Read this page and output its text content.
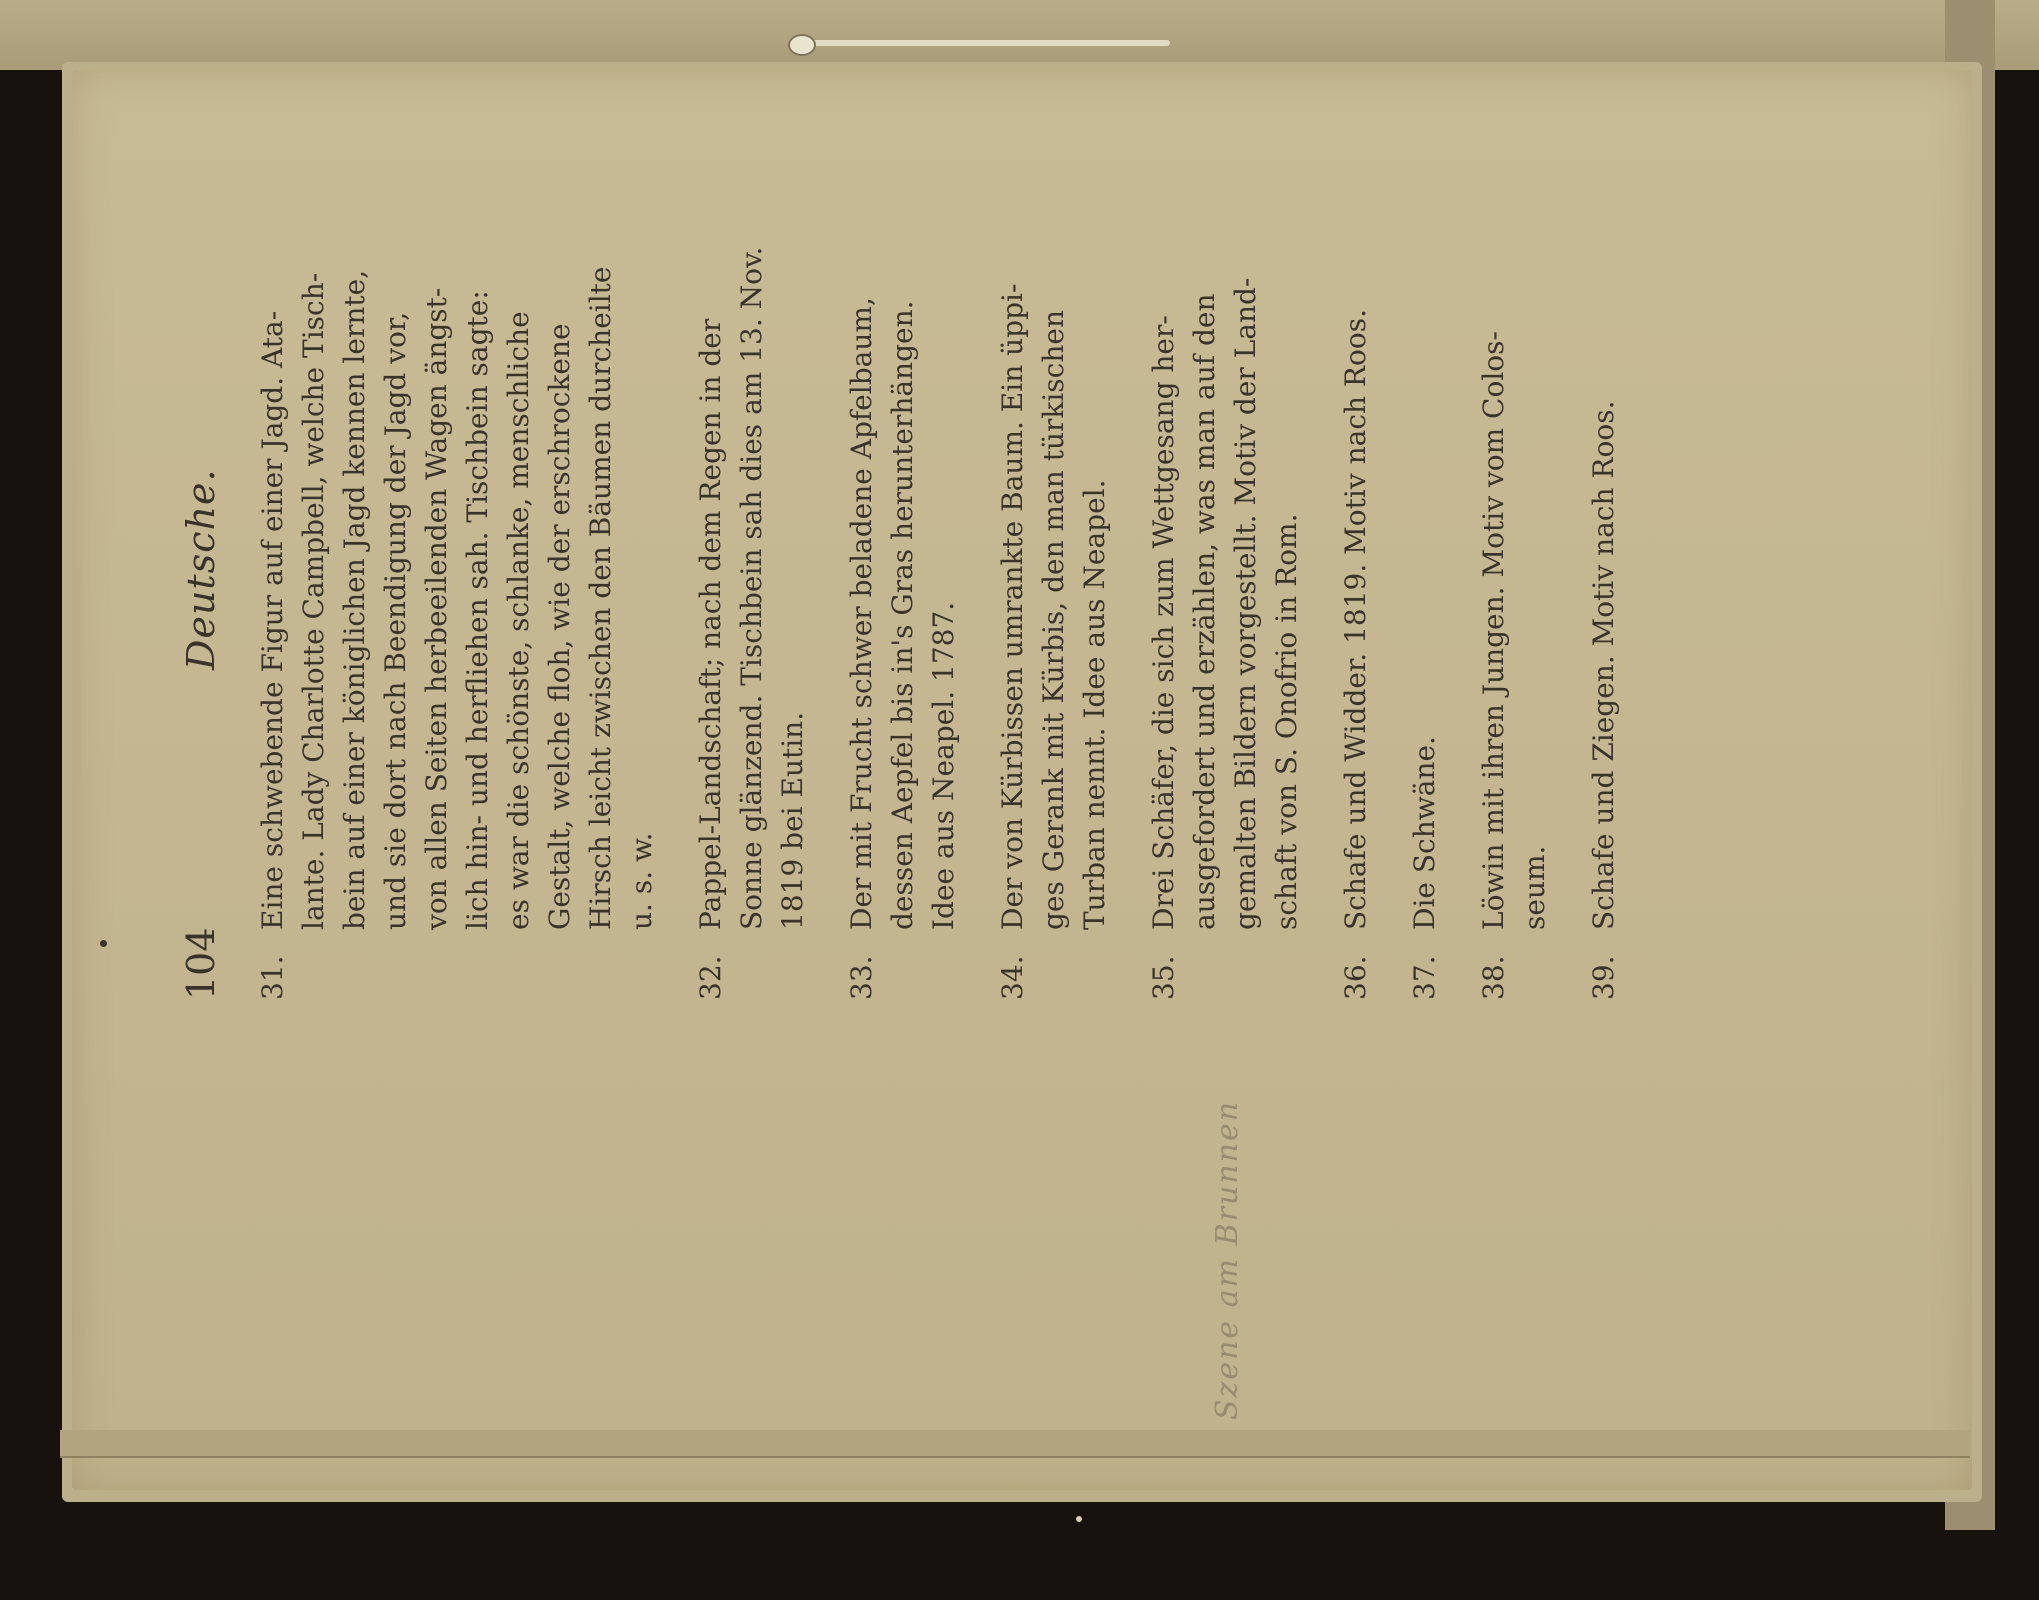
104
Deutsche.
31.
Eine schwebende Figur auf einer Jagd. Ata-
lante. Lady Charlotte Campbell, welche Tisch-
bein auf einer königlichen Jagd kennen lernte,
und sie dort nach Beendigung der Jagd vor,
von allen Seiten herbeeilenden Wagen ängst-
lich hin- und herfliehen sah. Tischbein sagte:
es war die schönste, schlanke, menschliche
Gestalt, welche floh, wie der erschrockene
Hirsch leicht zwischen den Bäumen durcheilte
u. s. w.
32.
Pappel-Landschaft; nach dem Regen in der
Sonne glänzend. Tischbein sah dies am 13. Nov.
1819 bei Eutin.
33.
Der mit Frucht schwer beladene Apfelbaum,
dessen Aepfel bis in's Gras herunterhängen.
Idee aus Neapel. 1787.
34.
Der von Kürbissen umrankte Baum. Ein üppi-
ges Gerank mit Kürbis, den man türkischen
Turban nennt. Idee aus Neapel.
35.
Drei Schäfer, die sich zum Wettgesang her-
ausgefordert und erzählen, was man auf den
gemalten Bildern vorgestellt. Motiv der Land-
schaft von S. Onofrio in Rom.
36.
Schafe und Widder. 1819. Motiv nach Roos.
37.
Die Schwäne.
38.
Löwin mit ihren Jungen. Motiv vom Colos-
seum.
39.
Schafe und Ziegen. Motiv nach Roos.
Szene am Brunnen
